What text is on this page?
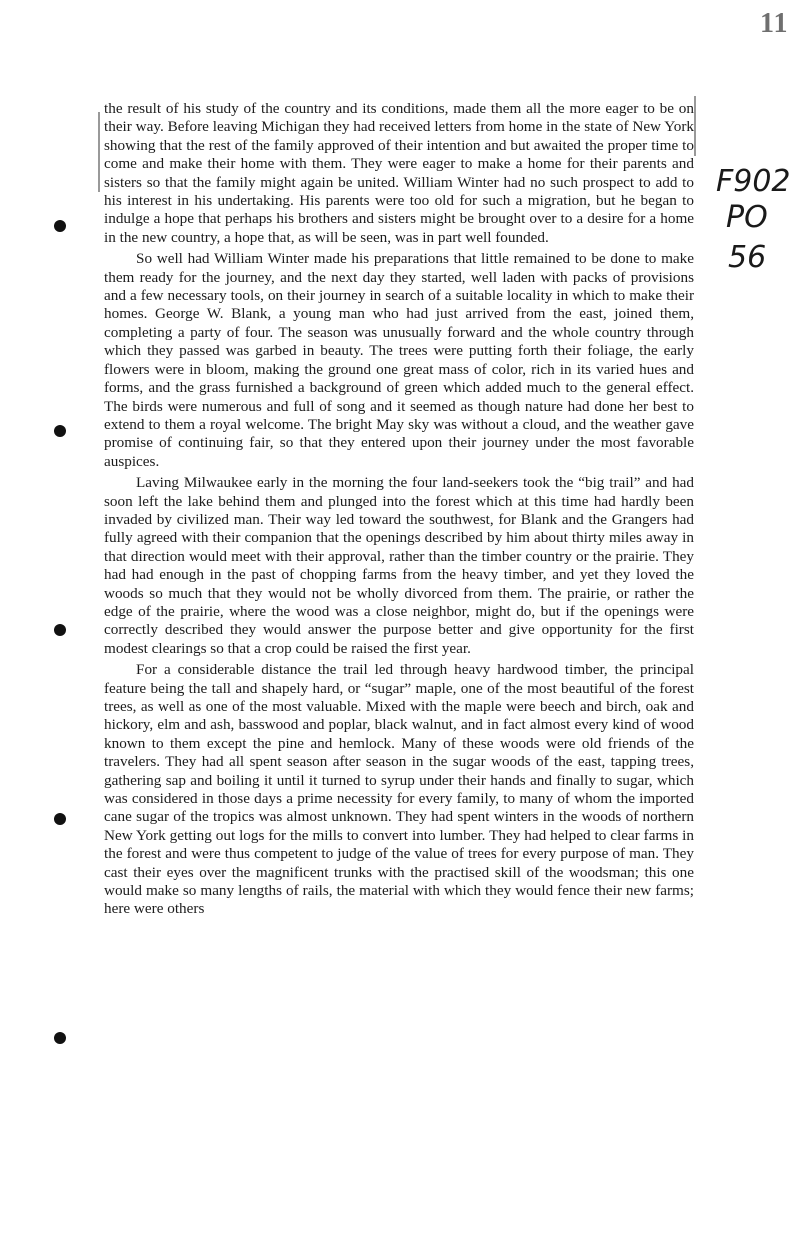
11
F902
PO
56

the result of his study of the country and its conditions, made them all the more eager to be on their way. Before leaving Michigan they had received letters from home in the state of New York showing that the rest of the family approved of their intention and but awaited the proper time to come and make their home with them. They were eager to make a home for their parents and sisters so that the family might again be united. William Winter had no such prospect to add to his interest in his undertaking. His parents were too old for such a migration, but he began to indulge a hope that perhaps his brothers and sisters might be brought over to a desire for a home in the new country, a hope that, as will be seen, was in part well founded.

So well had William Winter made his preparations that little remained to be done to make them ready for the journey, and the next day they started, well laden with packs of provisions and a few necessary tools, on their journey in search of a suitable locality in which to make their homes. George W. Blank, a young man who had just arrived from the east, joined them, completing a party of four. The season was unusually forward and the whole country through which they passed was garbed in beauty. The trees were putting forth their foliage, the early flowers were in bloom, making the ground one great mass of color, rich in its varied hues and forms, and the grass furnished a background of green which added much to the general effect. The birds were numerous and full of song and it seemed as though nature had done her best to extend to them a royal welcome. The bright May sky was without a cloud, and the weather gave promise of continuing fair, so that they entered upon their journey under the most favorable auspices.

Laving Milwaukee early in the morning the four land-seekers took the “big trail” and had soon left the lake behind them and plunged into the forest which at this time had hardly been invaded by civilized man. Their way led toward the southwest, for Blank and the Grangers had fully agreed with their companion that the openings described by him about thirty miles away in that direction would meet with their approval, rather than the timber country or the prairie. They had had enough in the past of chopping farms from the heavy timber, and yet they loved the woods so much that they would not be wholly divorced from them. The prairie, or rather the edge of the prairie, where the wood was a close neighbor, might do, but if the openings were correctly described they would answer the purpose better and give opportunity for the first modest clearings so that a crop could be raised the first year.

For a considerable distance the trail led through heavy hardwood timber, the principal feature being the tall and shapely hard, or “sugar” maple, one of the most beautiful of the forest trees, as well as one of the most valuable. Mixed with the maple were beech and birch, oak and hickory, elm and ash, basswood and poplar, black walnut, and in fact almost every kind of wood known to them except the pine and hemlock. Many of these woods were old friends of the travelers. They had all spent season after season in the sugar woods of the east, tapping trees, gathering sap and boiling it until it turned to syrup under their hands and finally to sugar, which was considered in those days a prime necessity for every family, to many of whom the imported cane sugar of the tropics was almost unknown. They had spent winters in the woods of northern New York getting out logs for the mills to convert into lumber. They had helped to clear farms in the forest and were thus competent to judge of the value of trees for every purpose of man. They cast their eyes over the magnificent trunks with the practised skill of the woodsman; this one would make so many lengths of rails, the material with which they would fence their new farms; here were others
